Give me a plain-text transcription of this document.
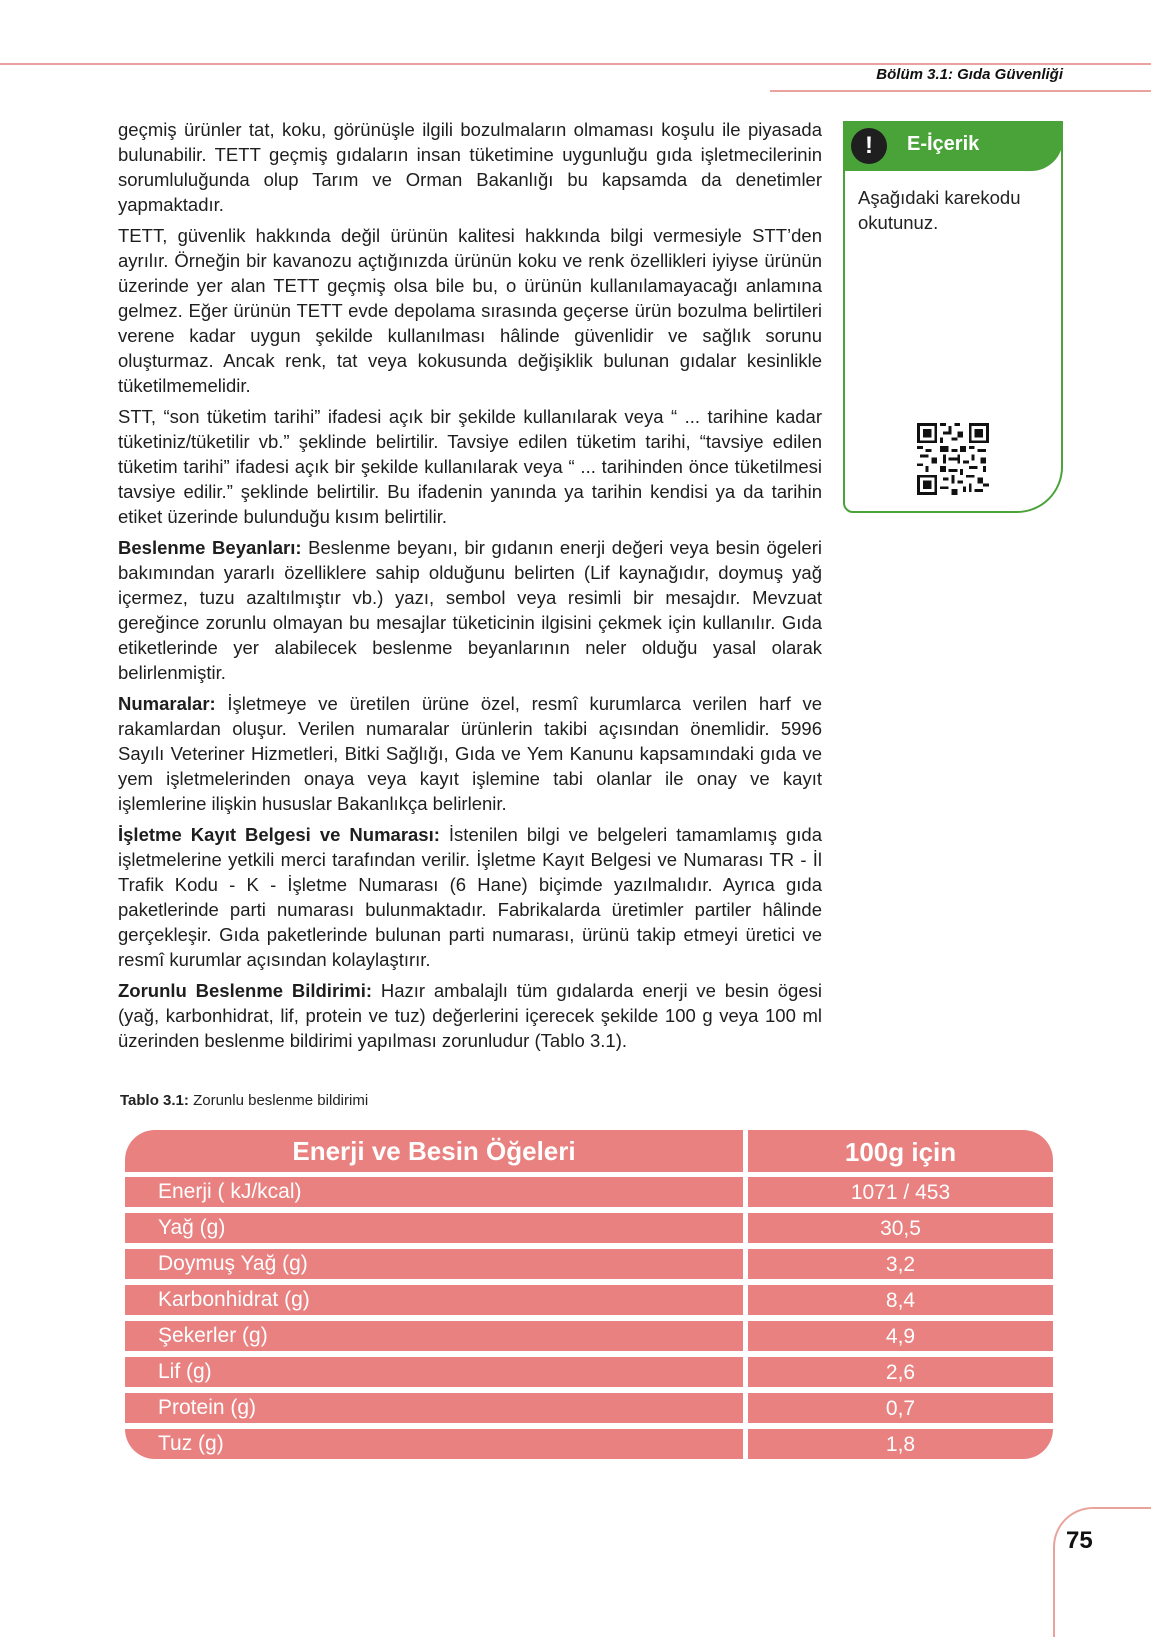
Bölüm 3.1: Gıda Güvenliği

geçmiş ürünler tat, koku, görünüşle ilgili bozulmaların olmaması koşulu ile piyasada bulunabilir. TETT geçmiş gıdaların insan tüketimine uygunluğu gıda işletmecilerinin sorumluluğunda olup Tarım ve Orman Bakanlığı bu kapsamda da denetimler yapmaktadır.

TETT, güvenlik hakkında değil ürünün kalitesi hakkında bilgi vermesiyle STT’den ayrılır. Örneğin bir kavanozu açtığınızda ürünün koku ve renk özellikleri iyiyse ürünün üzerinde yer alan TETT geçmiş olsa bile bu, o ürünün kullanılamayacağı anlamına gelmez. Eğer ürünün TETT evde depolama sırasında geçerse ürün bozulma belirtileri verene kadar uygun şekilde kullanılması hâlinde güvenlidir ve sağlık sorunu oluşturmaz. Ancak renk, tat veya kokusunda değişiklik bulunan gıdalar kesinlikle tüketilmemelidir.

STT, “son tüketim tarihi” ifadesi açık bir şekilde kullanılarak veya “ ... tarihine kadar tüketiniz/tüketilir vb.” şeklinde belirtilir. Tavsiye edilen tüketim tarihi, “tavsiye edilen tüketim tarihi” ifadesi açık bir şekilde kullanılarak veya “ ... tarihinden önce tüketilmesi tavsiye edilir.” şeklinde belirtilir. Bu ifadenin yanında ya tarihin kendisi ya da tarihin etiket üzerinde bulunduğu kısım belirtilir.

Beslenme Beyanları: Beslenme beyanı, bir gıdanın enerji değeri veya besin ögeleri bakımından yararlı özelliklere sahip olduğunu belirten (Lif kaynağıdır, doymuş yağ içermez, tuzu azaltılmıştır vb.) yazı, sembol veya resimli bir mesajdır. Mevzuat gereğince zorunlu olmayan bu mesajlar tüketicinin ilgisini çekmek için kullanılır. Gıda etiketlerinde yer alabilecek beslenme beyanlarının neler olduğu yasal olarak belirlenmiştir.

Numaralar: İşletmeye ve üretilen ürüne özel, resmî kurumlarca verilen harf ve rakamlardan oluşur. Verilen numaralar ürünlerin takibi açısından önemlidir. 5996 Sayılı Veteriner Hizmetleri, Bitki Sağlığı, Gıda ve Yem Kanunu kapsamındaki gıda ve yem işletmelerinden onaya veya kayıt işlemine tabi olanlar ile onay ve kayıt işlemlerine ilişkin hususlar Bakanlıkça belirlenir.

İşletme Kayıt Belgesi ve Numarası: İstenilen bilgi ve belgeleri tamamlamış gıda işletmelerine yetkili merci tarafından verilir. İşletme Kayıt Belgesi ve Numarası TR - İl Trafik Kodu - K - İşletme Numarası (6 Hane) biçimde yazılmalıdır. Ayrıca gıda paketlerinde parti numarası bulunmaktadır. Fabrikalarda üretimler partiler hâlinde gerçekleşir. Gıda paketlerinde bulunan parti numarası, ürünü takip etmeyi üretici ve resmî kurumlar açısından kolaylaştırır.

Zorunlu Beslenme Bildirimi: Hazır ambalajlı tüm gıdalarda enerji ve besin ögesi (yağ, karbonhidrat, lif, protein ve tuz) değerlerini içerecek şekilde 100 g veya 100 ml üzerinden beslenme bildirimi yapılması zorunludur (Tablo 3.1).

!	E-İçerik
Aşağıdaki karekodu okutunuz.
Tablo 3.1: Zorunlu beslenme bildirimi
Enerji ve Besin Öğeleri	100g için
Enerji ( kJ/kcal)	1071 / 453
Yağ (g)	30,5
Doymuş Yağ (g)	3,2
Karbonhidrat (g)	8,4
Şekerler (g)	4,9
Lif (g)	2,6
Protein (g)	0,7
Tuz (g)	1,8
75
